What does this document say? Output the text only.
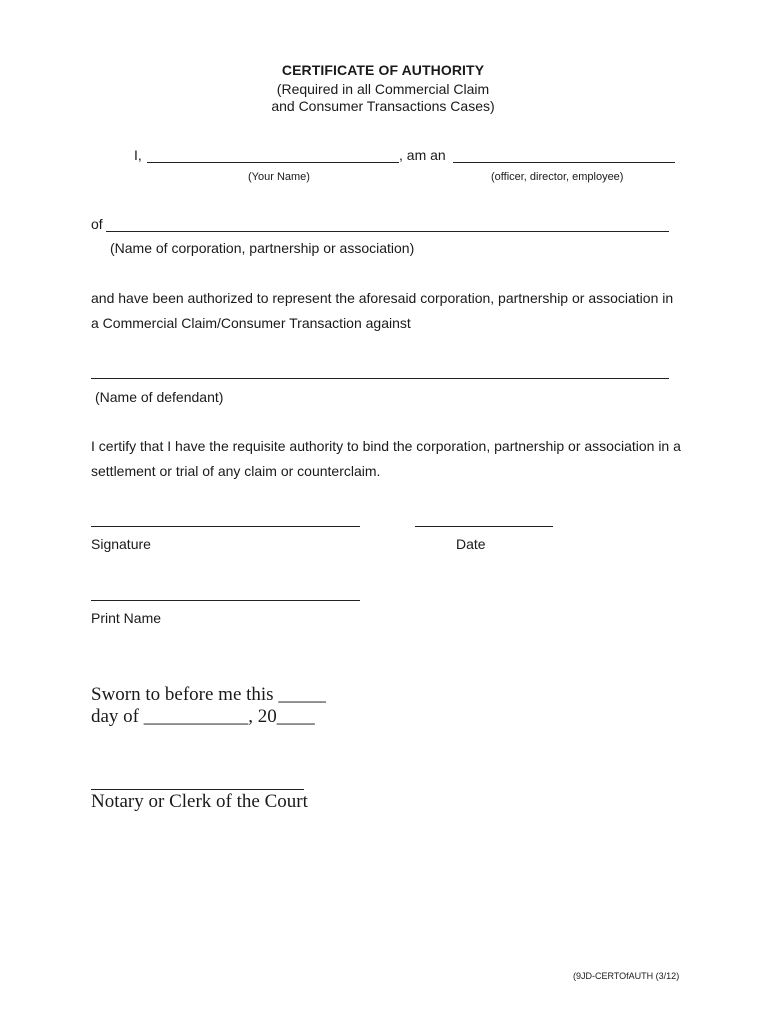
CERTIFICATE OF AUTHORITY
(Required in all Commercial Claim
and Consumer Transactions Cases)
I,	, am an
(Your Name)	(officer, director, employee)
of
(Name of corporation, partnership or association)
and have been authorized to represent the aforesaid corporation, partnership or association in
a Commercial Claim/Consumer Transaction against
(Name of defendant)
I certify that I have the requisite authority to bind the corporation, partnership or association in a
settlement or trial of any claim or counterclaim.
Signature	Date
Print Name
Sworn to before me this _____
day of ___________, 20____
Notary or Clerk of the Court
(9JD-CERTOfAUTH (3/12)
